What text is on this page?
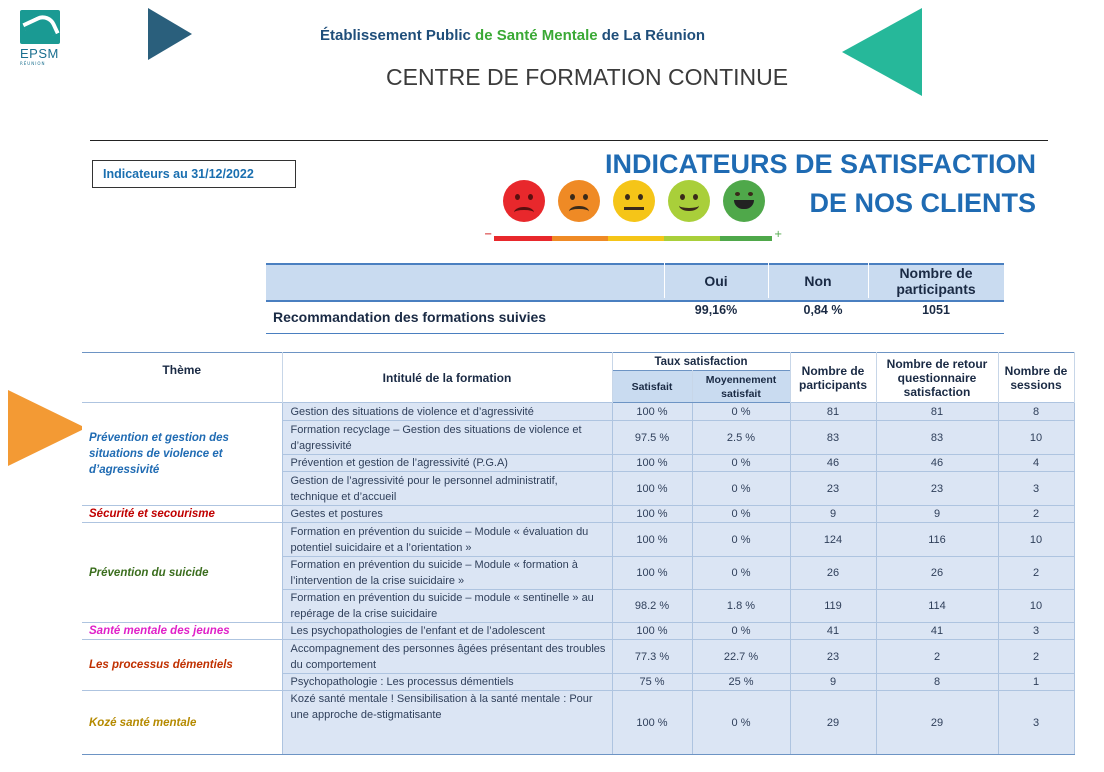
EPSM
RÉUNION
Établissement Public de Santé Mentale de La Réunion
CENTRE DE FORMATION CONTINUE
Indicateurs au 31/12/2022	INDICATEURS DE SATISFACTION
DE NOS CLIENTS
−	+
Oui	Non	Nombre de participants
Recommandation des formations suivies	99,16%	0,84 %	1051
Thème	Intitulé de la formation	Taux satisfaction		Nombre de participants	Nombre de retour questionnaire satisfaction	Nombre de sessions
		Satisfait	Moyennement satisfait			
Prévention et gestion des situations de violence et d’agressivité	Gestion des situations de violence et d’agressivité	100 %	0 %	81	81	8
	Formation recyclage – Gestion des situations de violence et d’agressivité	97.5 %	2.5 %	83	83	10
	Prévention et gestion de l’agressivité (P.G.A)	100 %	0 %	46	46	4
	Gestion de l’agressivité pour le personnel administratif, technique et d’accueil	100 %	0 %	23	23	3
Sécurité et secourisme	Gestes et postures	100 %	0 %	9	9	2
Prévention du suicide	Formation en prévention du suicide – Module « évaluation du potentiel suicidaire et a l’orientation »	100 %	0 %	124	116	10
	Formation en prévention du suicide – Module « formation à l’intervention de la crise suicidaire »	100 %	0 %	26	26	2
	Formation en prévention du suicide – module « sentinelle » au repérage de la crise suicidaire	98.2 %	1.8 %	119	114	10
Santé mentale des jeunes	Les psychopathologies de l’enfant et de l’adolescent	100 %	0 %	41	41	3
Les processus démentiels	Accompagnement des personnes âgées présentant des troubles du comportement	77.3 %	22.7 %	23	2	2
	Psychopathologie : Les processus démentiels	75 %	25 %	9	8	1
Kozé santé mentale	Kozé santé mentale ! Sensibilisation à la santé mentale : Pour une approche de-stigmatisante	100 %	0 %	29	29	3
